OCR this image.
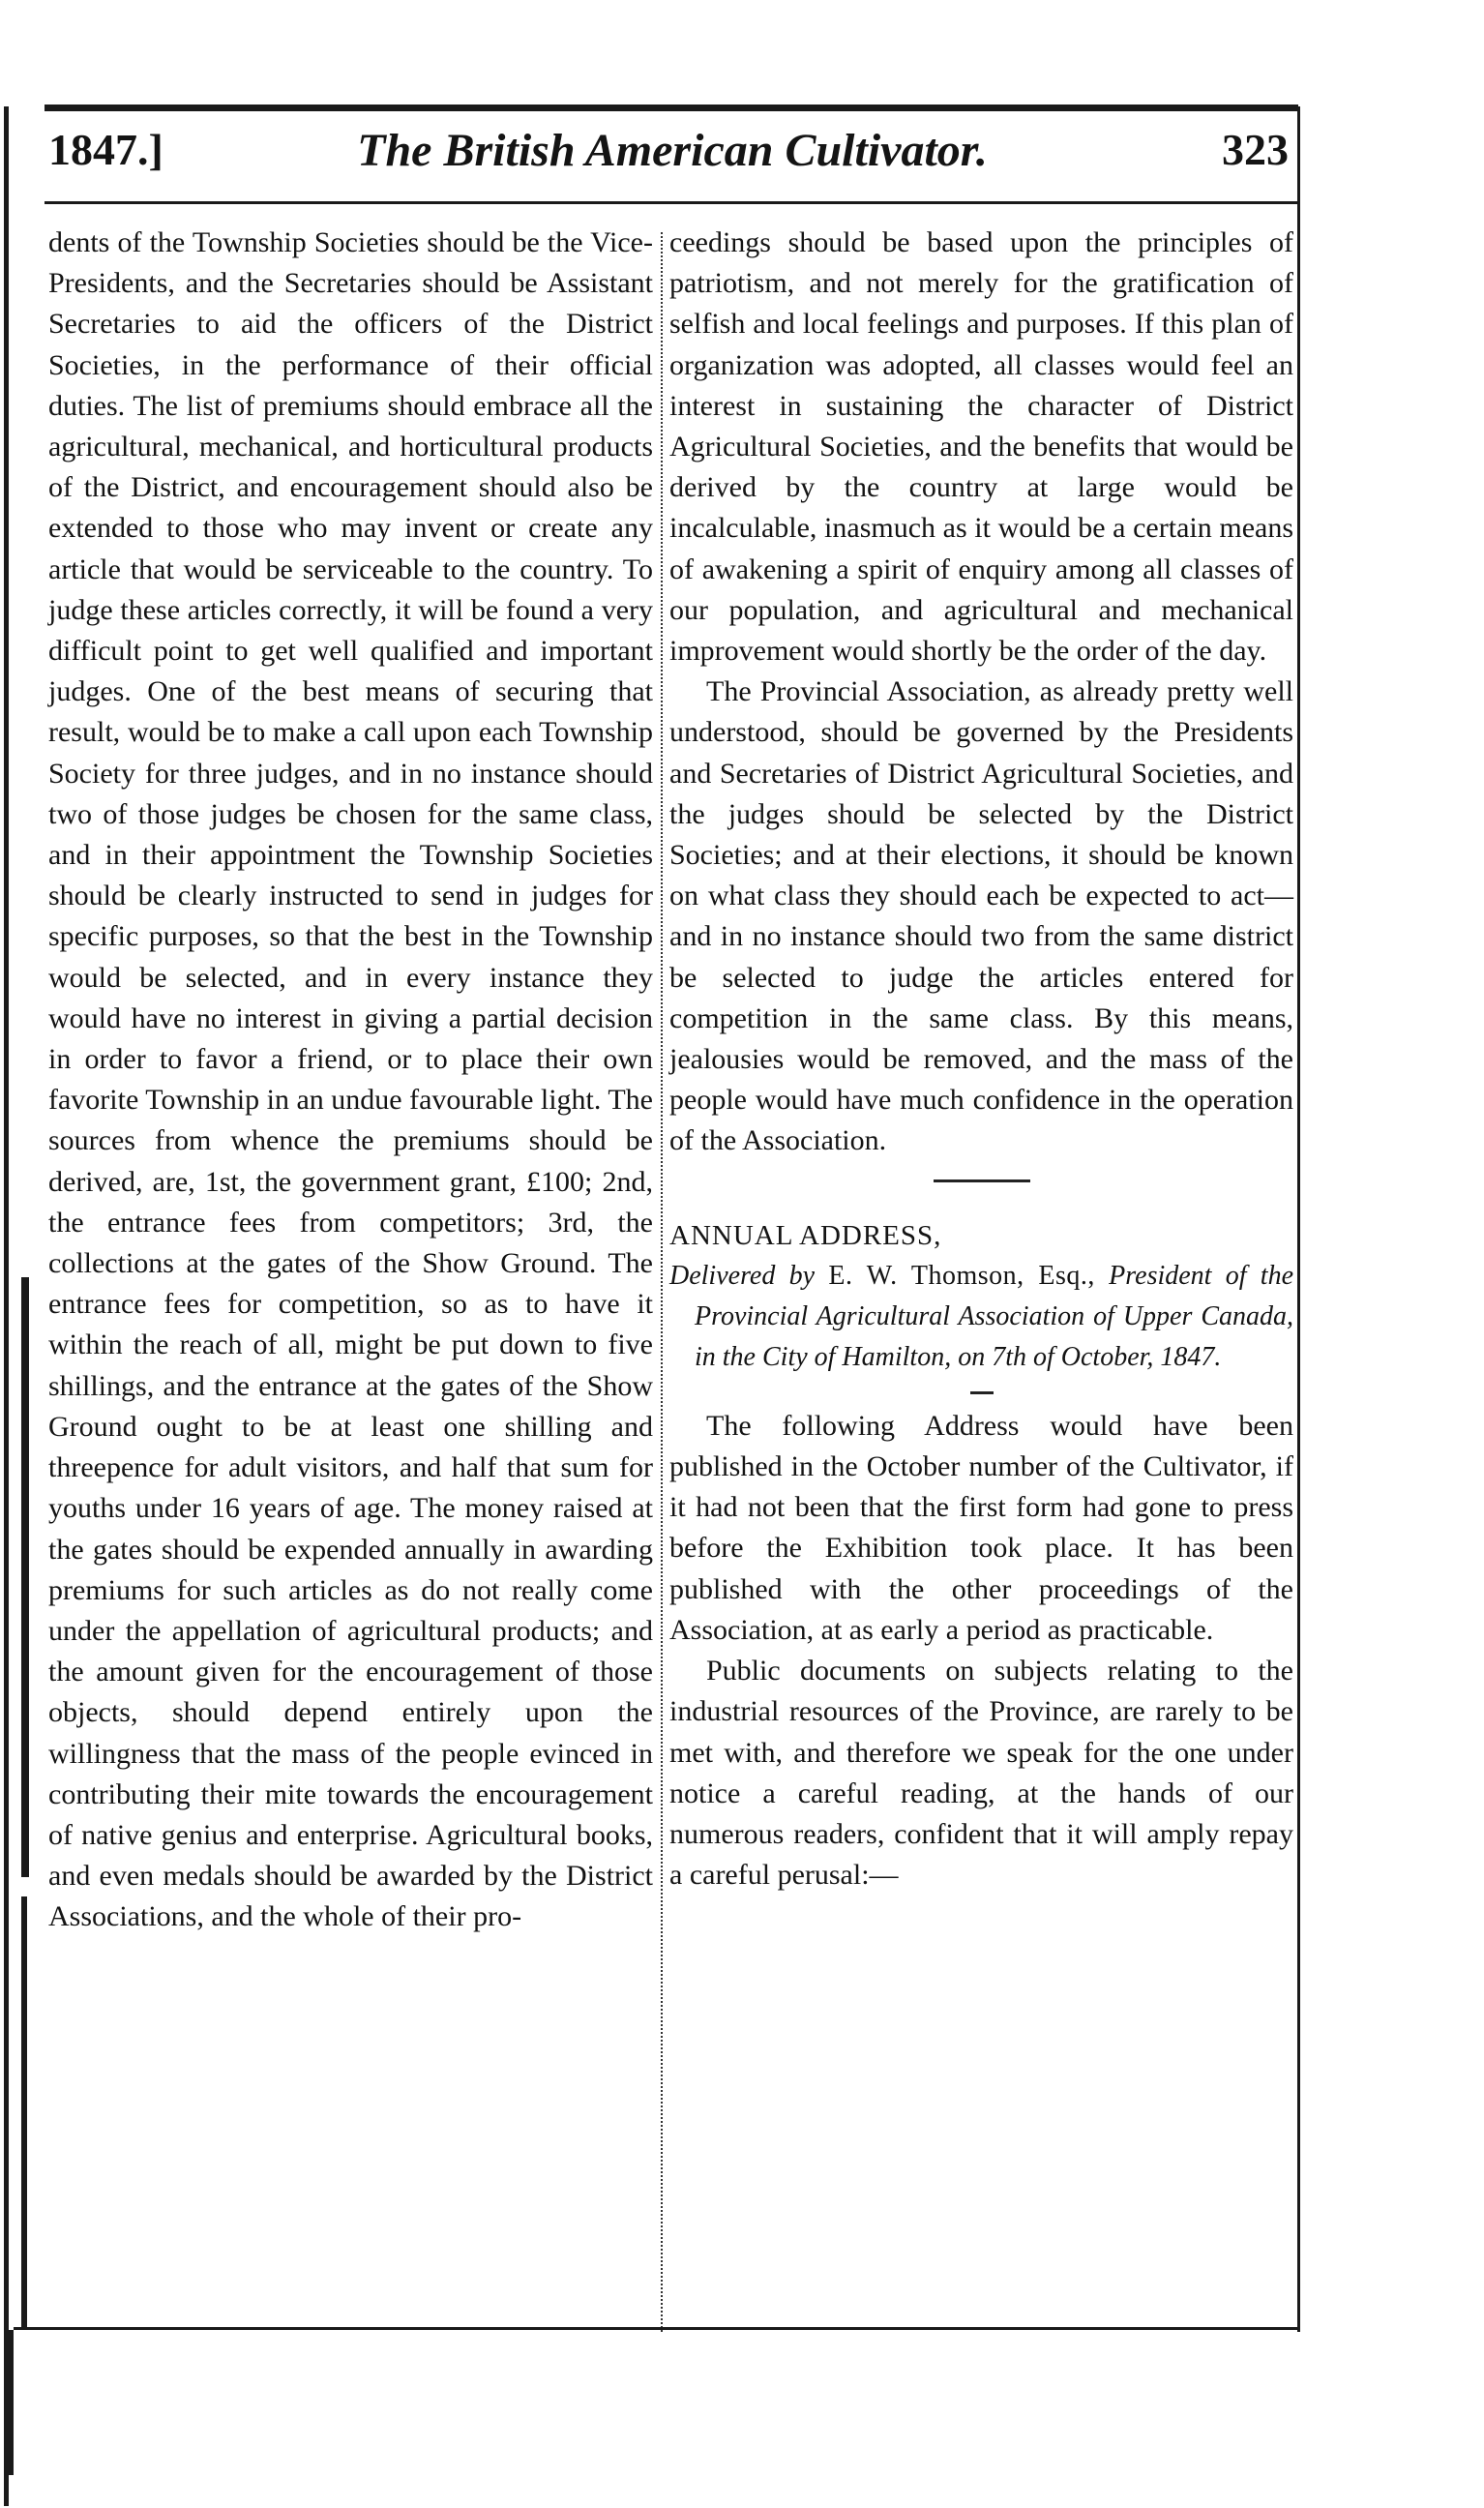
1847.]	The British American Cultivator.	323

dents of the Township Societies should be the Vice-Presidents, and the Secretaries should be Assistant Secretaries to aid the officers of the District Societies, in the performance of their official duties. The list of premiums should embrace all the agricultural, mechanical, and horticultural products of the District, and encouragement should also be extended to those who may invent or create any article that would be serviceable to the country. To judge these articles correctly, it will be found a very difficult point to get well qualified and important judges. One of the best means of securing that result, would be to make a call upon each Township Society for three judges, and in no instance should two of those judges be chosen for the same class, and in their appointment the Township Societies should be clearly instructed to send in judges for specific purposes, so that the best in the Township would be selected, and in every instance they would have no interest in giving a partial decision in order to favor a friend, or to place their own favorite Township in an undue favourable light. The sources from whence the premiums should be derived, are, 1st, the government grant, £100; 2nd, the entrance fees from competitors; 3rd, the collections at the gates of the Show Ground. The entrance fees for competition, so as to have it within the reach of all, might be put down to five shillings, and the entrance at the gates of the Show Ground ought to be at least one shilling and threepence for adult visitors, and half that sum for youths under 16 years of age. The money raised at the gates should be expended annually in awarding premiums for such articles as do not really come under the appellation of agricultural products; and the amount given for the encouragement of those objects, should depend entirely upon the willingness that the mass of the people evinced in contributing their mite towards the encouragement of native genius and enterprise. Agricultural books, and even medals should be awarded by the District Associations, and the whole of their pro-

ceedings should be based upon the principles of patriotism, and not merely for the gratification of selfish and local feelings and purposes. If this plan of organization was adopted, all classes would feel an interest in sustaining the character of District Agricultural Societies, and the benefits that would be derived by the country at large would be incalculable, inasmuch as it would be a certain means of awakening a spirit of enquiry among all classes of our population, and agricultural and mechanical improvement would shortly be the order of the day.

The Provincial Association, as already pretty well understood, should be governed by the Presidents and Secretaries of District Agricultural Societies, and the judges should be selected by the District Societies; and at their elections, it should be known on what class they should each be expected to act—and in no instance should two from the same district be selected to judge the articles entered for competition in the same class. By this means, jealousies would be removed, and the mass of the people would have much confidence in the operation of the Association.

ANNUAL ADDRESS,

Delivered by E. W. Thomson, Esq., President of the Provincial Agricultural Association of Upper Canada, in the City of Hamilton, on 7th of October, 1847.

The following Address would have been published in the October number of the Cultivator, if it had not been that the first form had gone to press before the Exhibition took place. It has been published with the other proceedings of the Association, at as early a period as practicable.

Public documents on subjects relating to the industrial resources of the Province, are rarely to be met with, and therefore we speak for the one under notice a careful reading, at the hands of our numerous readers, confident that it will amply repay a careful perusal:—
